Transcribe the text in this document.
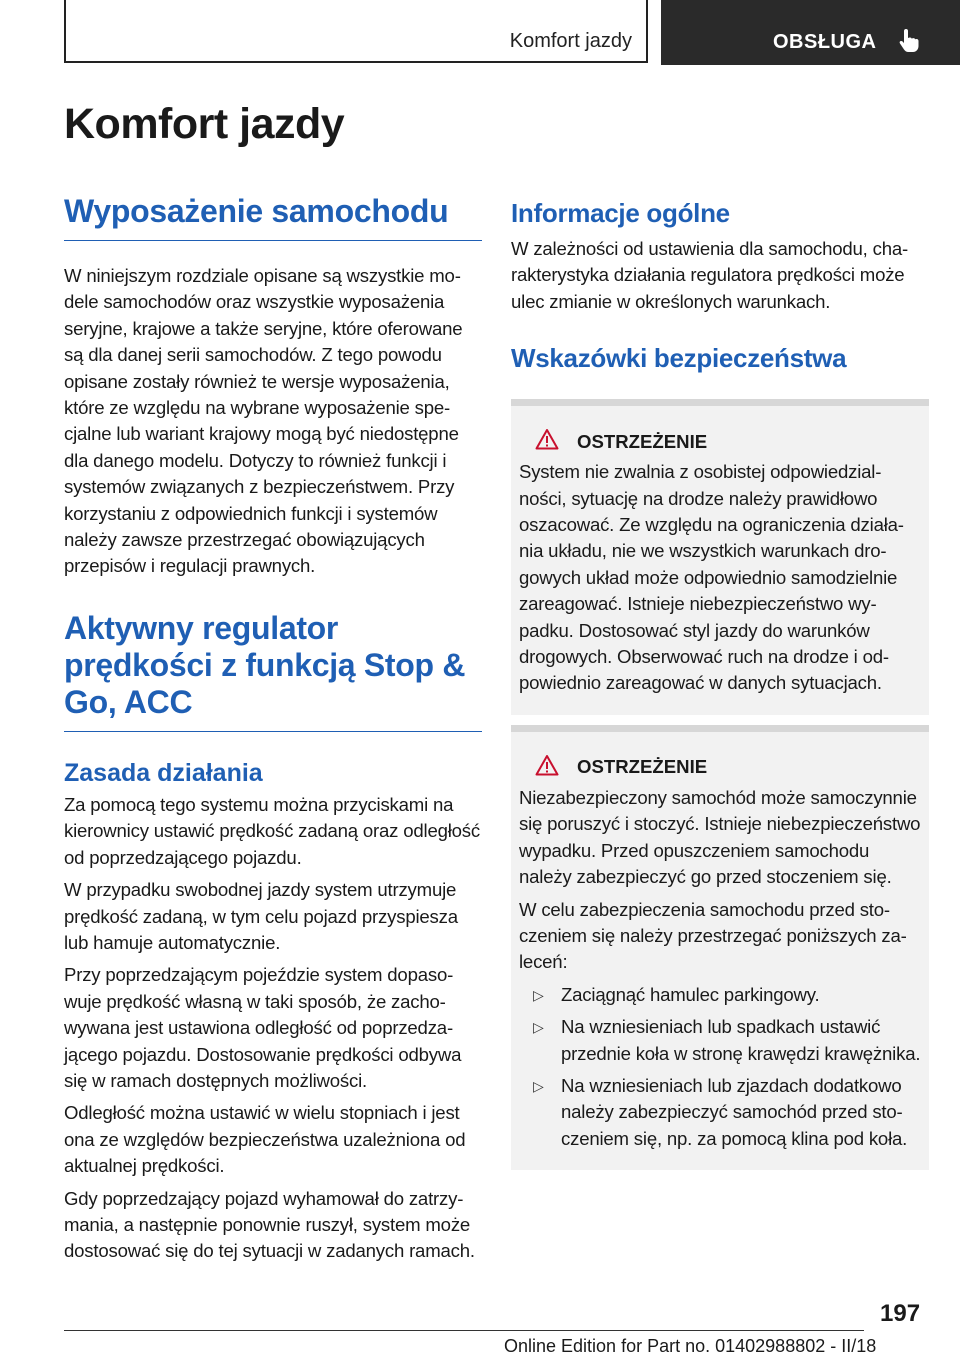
Komfort jazdy	OBSŁUGA
Komfort jazdy
Wyposażenie samochodu

W niniejszym rozdziale opisane są wszystkie modele samochodów oraz wszystkie wyposażenia seryjne, krajowe a także seryjne, które oferowane są dla danej serii samochodów. Z tego powodu opisane zostały również te wersje wyposażenia, które ze względu na wybrane wyposażenie specjalne lub wariant krajowy mogą być niedostępne dla danego modelu. Dotyczy to również funkcji i systemów związanych z bezpieczeństwem. Przy korzystaniu z odpowiednich funkcji i systemów należy zawsze przestrzegać obowiązujących przepisów i regulacji prawnych.

Aktywny regulator prędkości z funkcją Stop & Go, ACC
Zasada działania

Za pomocą tego systemu można przyciskami na kierownicy ustawić prędkość zadaną oraz odległość od poprzedzającego pojazdu.

W przypadku swobodnej jazdy system utrzymuje prędkość zadaną, w tym celu pojazd przyspiesza lub hamuje automatycznie.

Przy poprzedzającym pojeździe system dopasowuje prędkość własną w taki sposób, że zachowywana jest ustawiona odległość od poprzedzającego pojazdu. Dostosowanie prędkości odbywa się w ramach dostępnych możliwości.

Odległość można ustawić w wielu stopniach i jest ona ze względów bezpieczeństwa uzależniona od aktualnej prędkości.

Gdy poprzedzający pojazd wyhamował do zatrzymania, a następnie ponownie ruszył, system może dostosować się do tej sytuacji w zadanych ramach.

Informacje ogólne

W zależności od ustawienia dla samochodu, charakterystyka działania regulatora prędkości może ulec zmianie w określonych warunkach.

Wskazówki bezpieczeństwa
OSTRZEŻENIE

System nie zwalnia z osobistej odpowiedzialności, sytuację na drodze należy prawidłowo oszacować. Ze względu na ograniczenia działania układu, nie we wszystkich warunkach drogowych układ może odpowiednio samodzielnie zareagować. Istnieje niebezpieczeństwo wypadku. Dostosować styl jazdy do warunków drogowych. Obserwować ruch na drodze i odpowiednio zareagować w danych sytuacjach.

OSTRZEŻENIE

Niezabezpieczony samochód może samoczynnie się poruszyć i stoczyć. Istnieje niebezpieczeństwo wypadku. Przed opuszczeniem samochodu należy zabezpieczyć go przed stoczeniem się.

W celu zabezpieczenia samochodu przed stoczeniem się należy przestrzegać poniższych zaleceń:

▷ Zaciągnąć hamulec parkingowy.
▷ Na wzniesieniach lub spadkach ustawić przednie koła w stronę krawędzi krawężnika.
▷ Na wzniesieniach lub zjazdach dodatkowo należy zabezpieczyć samochód przed stoczeniem się, np. za pomocą klina pod koła.
197
Online Edition for Part no. 01402988802 - II/18
